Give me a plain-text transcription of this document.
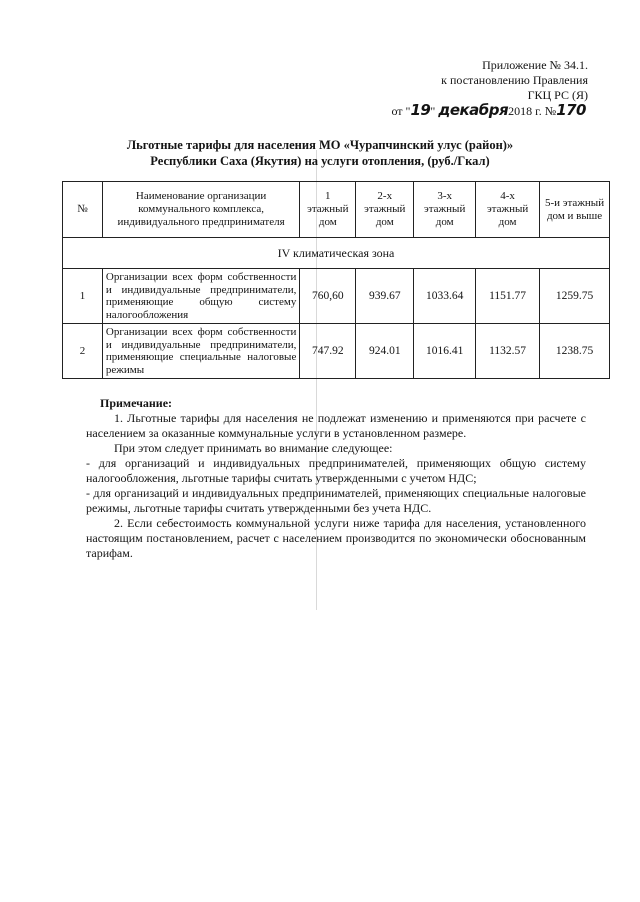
Приложение № 34.1.
к постановлению Правления
ГКЦ РС (Я)
от "19" декабря2018 г. №170
Льготные тарифы для населения МО «Чурапчинский улус (район)»
Республики Саха (Якутия) на услуги отопления, (руб./Гкал)
№	Наименование организации коммунального комплекса, индивидуального предпринимателя	1 этажный дом	2-х этажный дом	3-х этажный дом	4-х этажный дом	5-и этажный дом и выше
IV климатическая зона						
1	Организации всех форм собственности и индивидуальные предприниматели, применяющие общую систему налогообложения	760,60	939.67	1033.64	1151.77	1259.75
2	Организации всех форм собственности и индивидуальные предприниматели, применяющие специальные налоговые режимы	747.92	924.01	1016.41	1132.57	1238.75

Примечание:

1. Льготные тарифы для населения не подлежат изменению и применяются при расчете с населением за оказанные коммунальные услуги в установленном размере.

При этом следует принимать во внимание следующее:

- для организаций и индивидуальных предпринимателей, применяющих общую систему налогообложения, льготные тарифы считать утвержденными с учетом НДС;

- для организаций и индивидуальных предпринимателей, применяющих специальные налоговые режимы, льготные тарифы считать утвержденными без учета НДС.

2. Если себестоимость коммунальной услуги ниже тарифа для населения, установленного настоящим постановлением, расчет с населением производится по экономически обоснованным тарифам.
